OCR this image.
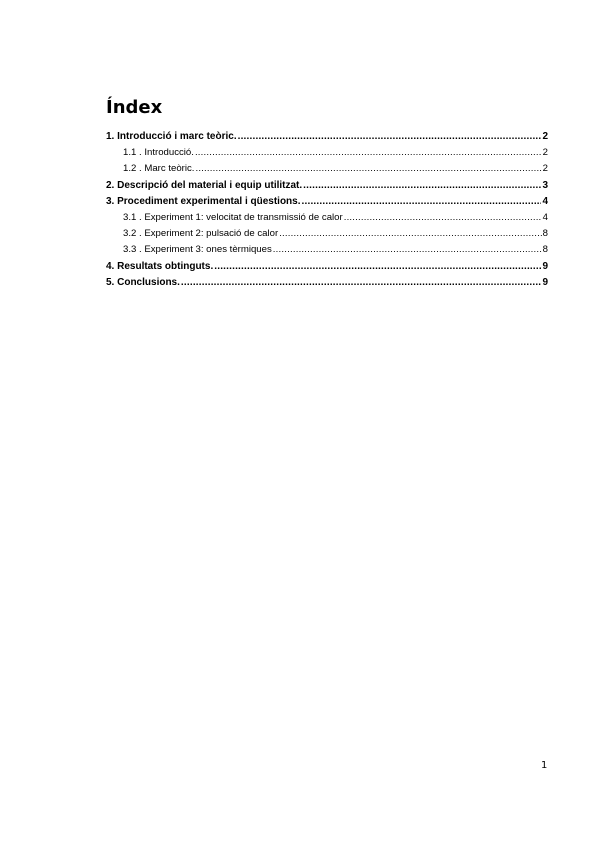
Índex
1. Introducció i marc teòric. .....	2
1.1 . Introducció. .....	2
1.2 . Marc teòric. .....	2
2. Descripció del material i equip utilitzat. .....	3
3. Procediment experimental i qüestions. .....	4
3.1 . Experiment 1: velocitat de transmissió de calor .....	4
3.2 . Experiment 2: pulsació de calor .....	8
3.3 . Experiment 3: ones tèrmiques .....	8
4. Resultats obtinguts. .....	9
5. Conclusions. .....	9
1
